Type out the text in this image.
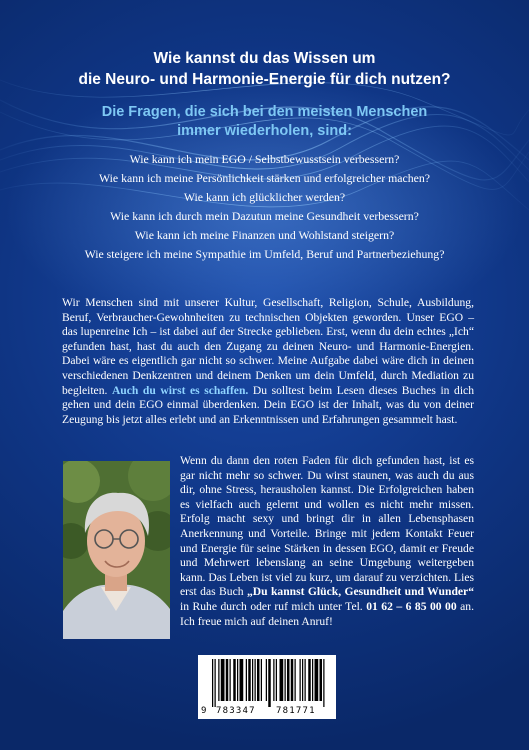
Wie kannst du das Wissen um
die Neuro- und Harmonie-Energie für dich nutzen?
Die Fragen, die sich bei den meisten Menschen
immer wiederholen, sind:
Wie kann ich mein EGO / Selbstbewusstsein verbessern?
Wie kann ich meine Persönlichkeit stärken und erfolgreicher machen?
Wie kann ich glücklicher werden?
Wie kann ich durch mein Dazutun meine Gesundheit verbessern?
Wie kann ich meine Finanzen und Wohlstand steigern?
Wie steigere ich meine Sympathie im Umfeld, Beruf und Partnerbeziehung?

Wir Menschen sind mit unserer Kultur, Gesellschaft, Religion, Schule, Ausbildung, Beruf, Verbraucher-Gewohnheiten zu technischen Objekten geworden. Unser EGO – das lupenreine Ich – ist dabei auf der Strecke geblieben. Erst, wenn du dein echtes „Ich“ gefunden hast, hast du auch den Zugang zu deinen Neuro- und Harmonie-Energien. Dabei wäre es eigentlich gar nicht so schwer. Meine Aufgabe dabei wäre dich in deinen verschiedenen Denkzentren und deinem Denken um dein Umfeld, durch Mediation zu begleiten. Auch du wirst es schaffen. Du solltest beim Lesen dieses Buches in dich gehen und dein EGO einmal überdenken. Dein EGO ist der Inhalt, was du von deiner Zeugung bis jetzt alles erlebt und an Erkenntnissen und Erfahrungen gesammelt hast.

Wenn du dann den roten Faden für dich gefunden hast, ist es gar nicht mehr so schwer. Du wirst staunen, was auch du aus dir, ohne Stress, herausholen kannst. Die Erfolgreichen haben es vielfach auch gelernt und wollen es nicht mehr missen. Erfolg macht sexy und bringt dir in allen Lebensphasen Anerkennung und Vorteile. Bringe mit jedem Kontakt Feuer und Energie für seine Stärken in dessen EGO, damit er Freude und Mehrwert lebenslang an seine Umgebung weitergeben kann. Das Leben ist viel zu kurz, um darauf zu verzichten. Lies erst das Buch „Du kannst Glück, Gesundheit und Wunder“ in Ruhe durch oder ruf mich unter Tel. 01 62 – 6 85 00 00 an. Ich freue mich auf deinen Anruf!

9 783347 781771
